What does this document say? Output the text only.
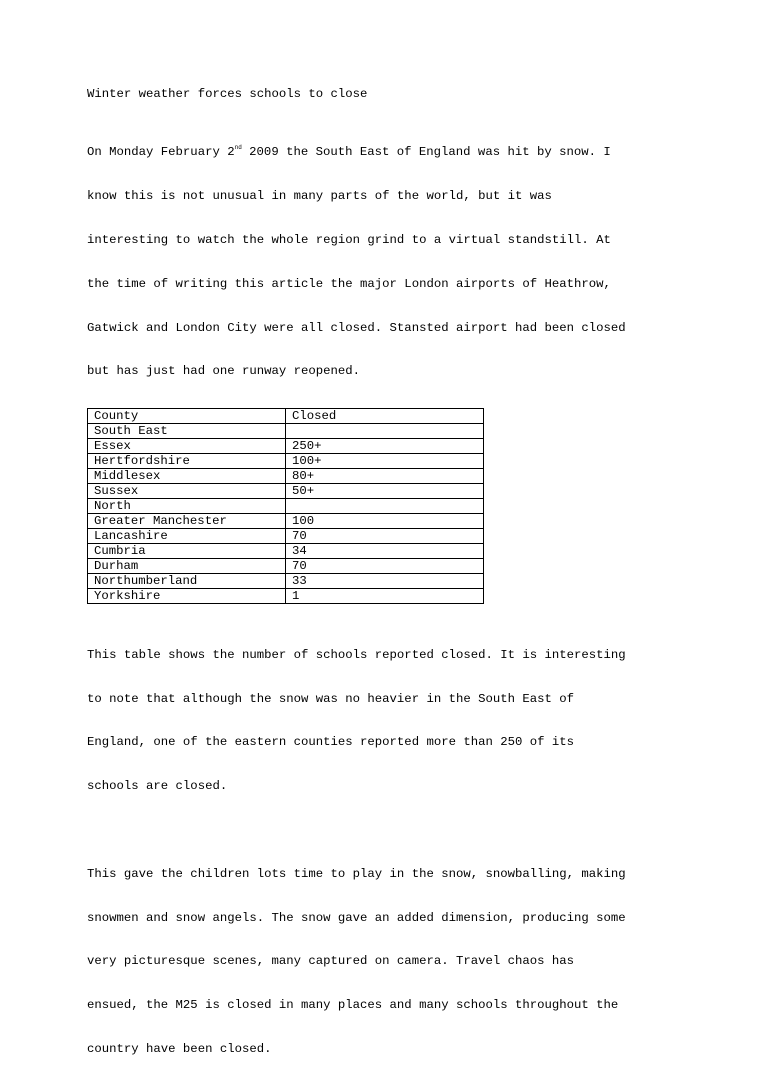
Winter weather forces schools to close

On Monday February 2nd 2009 the South East of England was hit by snow. I

know this is not unusual in many parts of the world, but it was

interesting to watch the whole region grind to a virtual standstill. At

the time of writing this article the major London airports of Heathrow,

Gatwick and London City were all closed. Stansted airport had been closed

but has just had one runway reopened.

County	Closed
South East	
Essex	250+
Hertfordshire	100+
Middlesex	80+
Sussex	50+
North	
Greater Manchester	100
Lancashire	70
Cumbria	34
Durham	70
Northumberland	33
Yorkshire	1

This table shows the number of schools reported closed. It is interesting

to note that although the snow was no heavier in the South East of

England, one of the eastern counties reported more than 250 of its

schools are closed.

This gave the children lots time to play in the snow, snowballing, making

snowmen and snow angels. The snow gave an added dimension, producing some

very picturesque scenes, many captured on camera. Travel chaos has

ensued, the M25 is closed in many places and many schools throughout the

country have been closed.
